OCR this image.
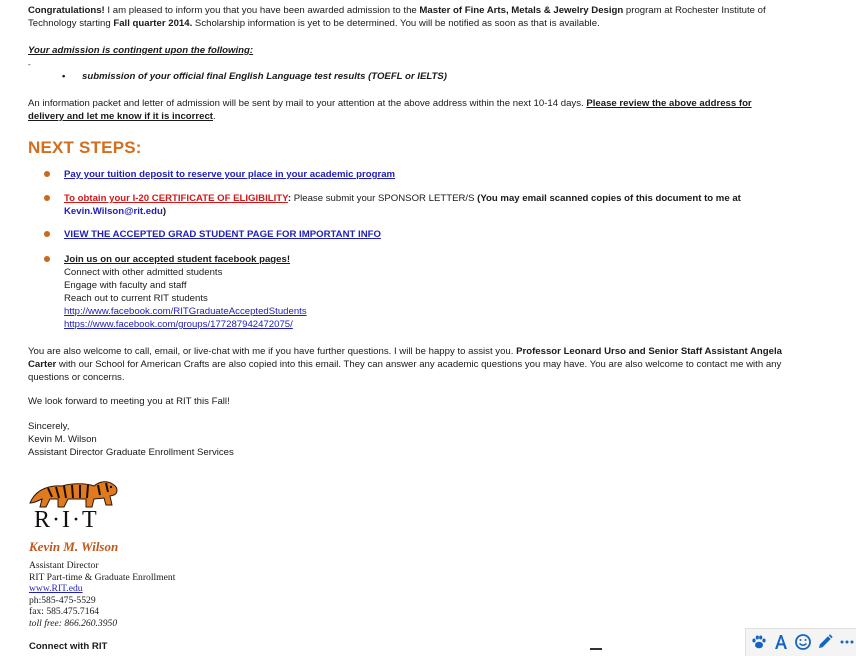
Congratulations! I am pleased to inform you that you have been awarded admission to the Master of Fine Arts, Metals & Jewelry Design program at Rochester Institute of Technology starting Fall quarter 2014. Scholarship information is yet to be determined. You will be notified as soon as that is available.

Your admission is contingent upon the following:

-

• submission of your official final English Language test results (TOEFL or IELTS)

An information packet and letter of admission will be sent by mail to your attention at the above address within the next 10-14 days. Please review the above address for delivery and let me know if it is incorrect.

NEXT STEPS:

Pay your tuition deposit to reserve your place in your academic program

To obtain your I-20 CERTIFICATE OF ELIGIBILITY: Please submit your SPONSOR LETTER/S (You may email scanned copies of this document to me at
Kevin.Wilson@rit.edu)

VIEW THE ACCEPTED GRAD STUDENT PAGE FOR IMPORTANT INFO

Join us on our accepted student facebook pages!

Connect with other admitted students

Engage with faculty and staff

Reach out to current RIT students

http://www.facebook.com/RITGraduateAcceptedStudents

https://www.facebook.com/groups/177287942472075/

You are also welcome to call, email, or live-chat with me if you have further questions. I will be happy to assist you. Professor Leonard Urso and Senior Staff Assistant Angela Carter with our School for American Crafts are also copied into this email. They can answer any academic questions you may have. You are also welcome to contact me with any questions or concerns.

We look forward to meeting you at RIT this Fall!

Sincerely,

Kevin M. Wilson

Assistant Director Graduate Enrollment Services

R·I·T
Kevin M. Wilson
Assistant Director
RIT Part-time & Graduate Enrollment
www.RIT.edu
ph:585-475-5529
fax: 585.475.7164
toll free: 866.260.3950
Connect with RIT
